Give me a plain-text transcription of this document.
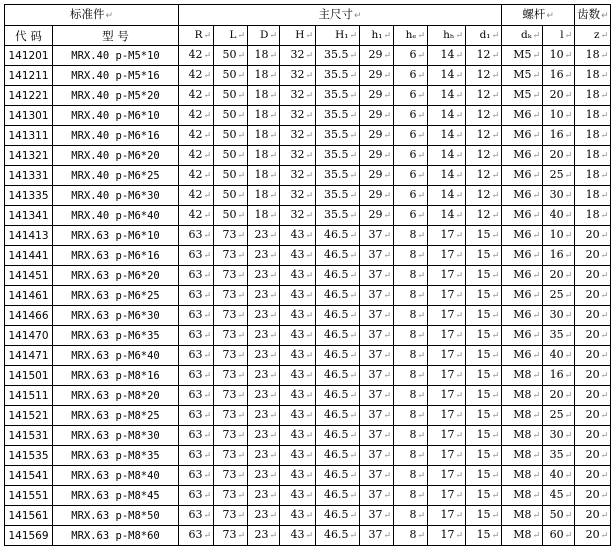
标准件↵		主尺寸↵									螺杆↵		齿数↵
代 码	型 号	R↵	L↵	D↵	H↵	H₁↵	h₁↵	hₑ↵	hₕ↵	d₁↵	dₖ↵	l↵	z↵
141201	MRX.40 p-M5*10	42↵	50↵	18↵	32↵	35.5↵	29↵	6↵	14↵	12↵	M5↵	10↵	18↵
141211	MRX.40 p-M5*16	42↵	50↵	18↵	32↵	35.5↵	29↵	6↵	14↵	12↵	M5↵	16↵	18↵
141221	MRX.40 p-M5*20	42↵	50↵	18↵	32↵	35.5↵	29↵	6↵	14↵	12↵	M5↵	20↵	18↵
141301	MRX.40 p-M6*10	42↵	50↵	18↵	32↵	35.5↵	29↵	6↵	14↵	12↵	M6↵	10↵	18↵
141311	MRX.40 p-M6*16	42↵	50↵	18↵	32↵	35.5↵	29↵	6↵	14↵	12↵	M6↵	16↵	18↵
141321	MRX.40 p-M6*20	42↵	50↵	18↵	32↵	35.5↵	29↵	6↵	14↵	12↵	M6↵	20↵	18↵
141331	MRX.40 p-M6*25	42↵	50↵	18↵	32↵	35.5↵	29↵	6↵	14↵	12↵	M6↵	25↵	18↵
141335	MRX.40 p-M6*30	42↵	50↵	18↵	32↵	35.5↵	29↵	6↵	14↵	12↵	M6↵	30↵	18↵
141341	MRX.40 p-M6*40	42↵	50↵	18↵	32↵	35.5↵	29↵	6↵	14↵	12↵	M6↵	40↵	18↵
141413	MRX.63 p-M6*10	63↵	73↵	23↵	43↵	46.5↵	37↵	8↵	17↵	15↵	M6↵	10↵	20↵
141441	MRX.63 p-M6*16	63↵	73↵	23↵	43↵	46.5↵	37↵	8↵	17↵	15↵	M6↵	16↵	20↵
141451	MRX.63 p-M6*20	63↵	73↵	23↵	43↵	46.5↵	37↵	8↵	17↵	15↵	M6↵	20↵	20↵
141461	MRX.63 p-M6*25	63↵	73↵	23↵	43↵	46.5↵	37↵	8↵	17↵	15↵	M6↵	25↵	20↵
141466	MRX.63 p-M6*30	63↵	73↵	23↵	43↵	46.5↵	37↵	8↵	17↵	15↵	M6↵	30↵	20↵
141470	MRX.63 p-M6*35	63↵	73↵	23↵	43↵	46.5↵	37↵	8↵	17↵	15↵	M6↵	35↵	20↵
141471	MRX.63 p-M6*40	63↵	73↵	23↵	43↵	46.5↵	37↵	8↵	17↵	15↵	M6↵	40↵	20↵
141501	MRX.63 p-M8*16	63↵	73↵	23↵	43↵	46.5↵	37↵	8↵	17↵	15↵	M8↵	16↵	20↵
141511	MRX.63 p-M8*20	63↵	73↵	23↵	43↵	46.5↵	37↵	8↵	17↵	15↵	M8↵	20↵	20↵
141521	MRX.63 p-M8*25	63↵	73↵	23↵	43↵	46.5↵	37↵	8↵	17↵	15↵	M8↵	25↵	20↵
141531	MRX.63 p-M8*30	63↵	73↵	23↵	43↵	46.5↵	37↵	8↵	17↵	15↵	M8↵	30↵	20↵
141535	MRX.63 p-M8*35	63↵	73↵	23↵	43↵	46.5↵	37↵	8↵	17↵	15↵	M8↵	35↵	20↵
141541	MRX.63 p-M8*40	63↵	73↵	23↵	43↵	46.5↵	37↵	8↵	17↵	15↵	M8↵	40↵	20↵
141551	MRX.63 p-M8*45	63↵	73↵	23↵	43↵	46.5↵	37↵	8↵	17↵	15↵	M8↵	45↵	20↵
141561	MRX.63 p-M8*50	63↵	73↵	23↵	43↵	46.5↵	37↵	8↵	17↵	15↵	M8↵	50↵	20↵
141569	MRX.63 p-M8*60	63↵	73↵	23↵	43↵	46.5↵	37↵	8↵	17↵	15↵	M8↵	60↵	20↵
